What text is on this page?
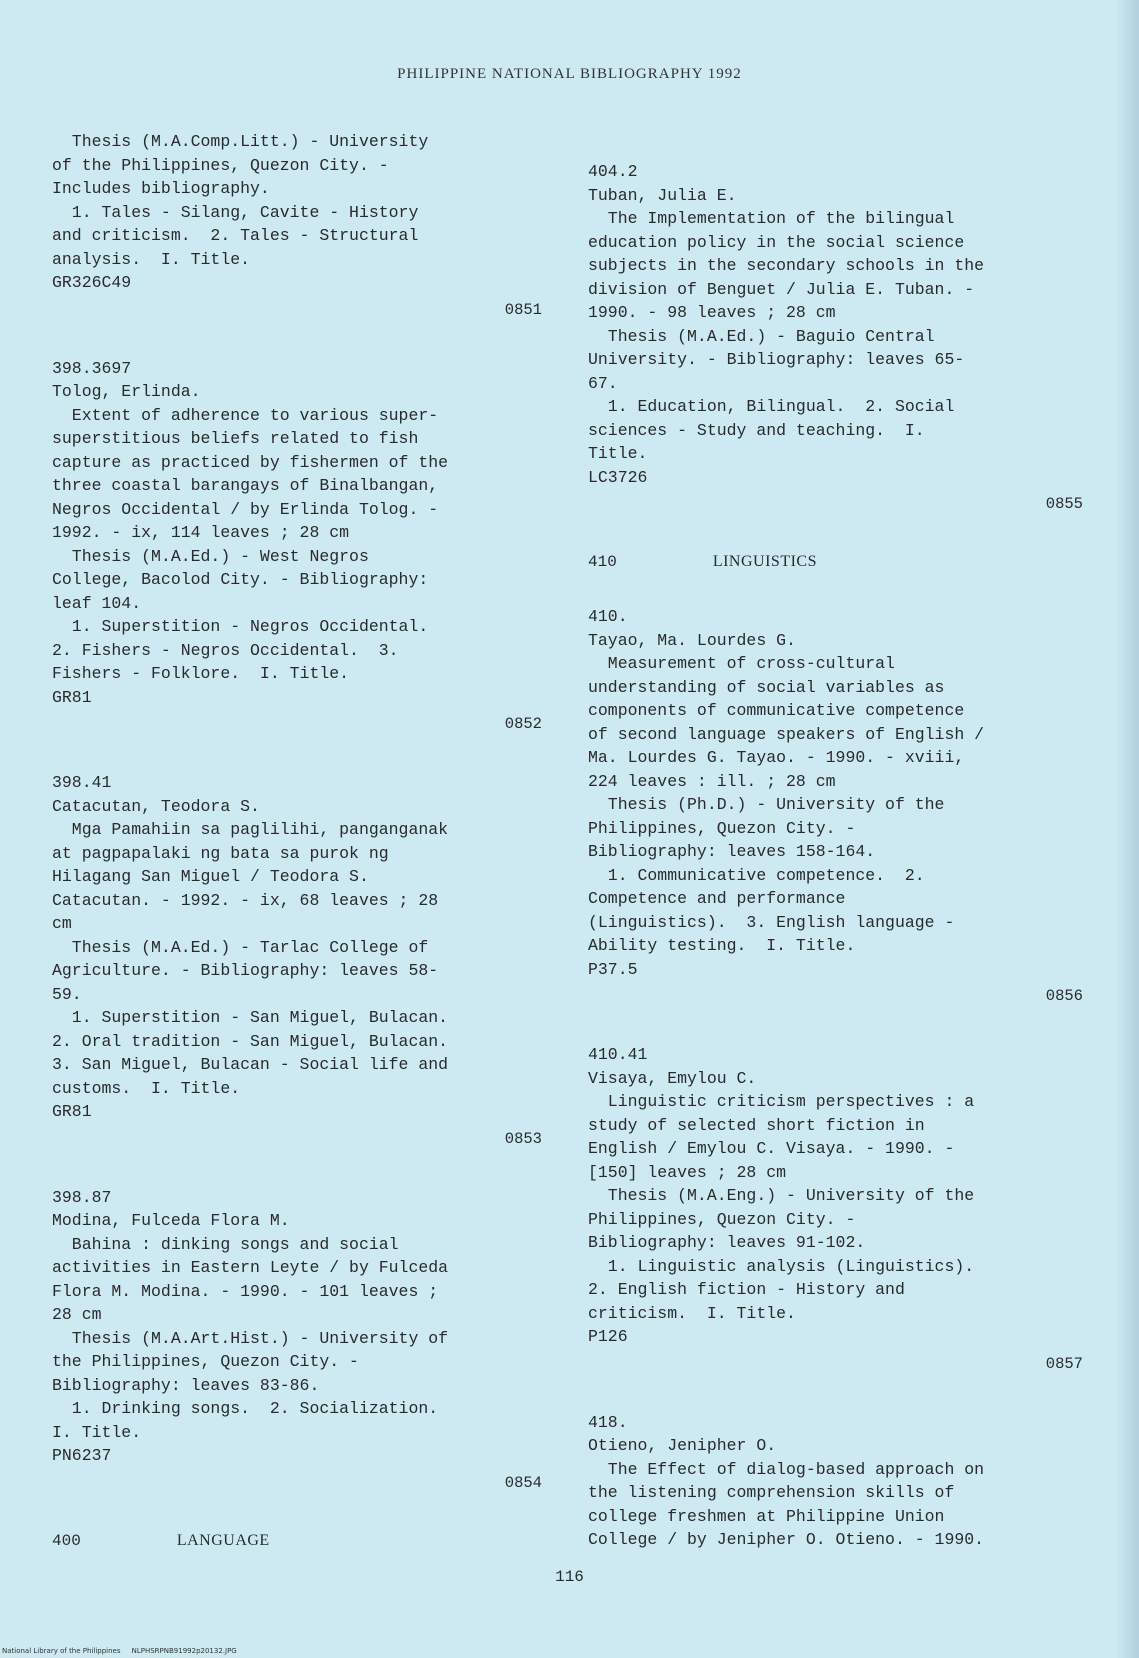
PHILIPPINE NATIONAL BIBLIOGRAPHY 1992
Thesis (M.A.Comp.Litt.) - University
of the Philippines, Quezon City. -
Includes bibliography.
1. Tales - Silang, Cavite - History
and criticism.  2. Tales - Structural
analysis.  I. Title.
GR326C49
0851
398.3697
Tolog, Erlinda.
Extent of adherence to various super-
superstitious beliefs related to fish
capture as practiced by fishermen of the
three coastal barangays of Binalbangan,
Negros Occidental / by Erlinda Tolog. -
1992. - ix, 114 leaves ; 28 cm
Thesis (M.A.Ed.) - West Negros
College, Bacolod City. - Bibliography:
leaf 104.
1. Superstition - Negros Occidental.
2. Fishers - Negros Occidental.  3.
Fishers - Folklore.  I. Title.
GR81
0852
398.41
Catacutan, Teodora S.
Mga Pamahiin sa paglilihi, panganganak
at pagpapalaki ng bata sa purok ng
Hilagang San Miguel / Teodora S.
Catacutan. - 1992. - ix, 68 leaves ; 28
cm
Thesis (M.A.Ed.) - Tarlac College of
Agriculture. - Bibliography: leaves 58-
59.
1. Superstition - San Miguel, Bulacan.
2. Oral tradition - San Miguel, Bulacan.
3. San Miguel, Bulacan - Social life and
customs.  I. Title.
GR81
0853
398.87
Modina, Fulceda Flora M.
Bahina : dinking songs and social
activities in Eastern Leyte / by Fulceda
Flora M. Modina. - 1990. - 101 leaves ;
28 cm
Thesis (M.A.Art.Hist.) - University of
the Philippines, Quezon City. -
Bibliography: leaves 83-86.
1. Drinking songs.  2. Socialization.
I. Title.
PN6237
0854
400	LANGUAGE
404.2
Tuban, Julia E.
The Implementation of the bilingual
education policy in the social science
subjects in the secondary schools in the
division of Benguet / Julia E. Tuban. -
1990. - 98 leaves ; 28 cm
Thesis (M.A.Ed.) - Baguio Central
University. - Bibliography: leaves 65-
67.
1. Education, Bilingual.  2. Social
sciences - Study and teaching.  I.
Title.
LC3726
0855
410	LINGUISTICS
410.
Tayao, Ma. Lourdes G.
Measurement of cross-cultural
understanding of social variables as
components of communicative competence
of second language speakers of English /
Ma. Lourdes G. Tayao. - 1990. - xviii,
224 leaves : ill. ; 28 cm
Thesis (Ph.D.) - University of the
Philippines, Quezon City. -
Bibliography: leaves 158-164.
1. Communicative competence.  2.
Competence and performance
(Linguistics).  3. English language -
Ability testing.  I. Title.
P37.5
0856
410.41
Visaya, Emylou C.
Linguistic criticism perspectives : a
study of selected short fiction in
English / Emylou C. Visaya. - 1990. -
[150] leaves ; 28 cm
Thesis (M.A.Eng.) - University of the
Philippines, Quezon City. -
Bibliography: leaves 91-102.
1. Linguistic analysis (Linguistics).
2. English fiction - History and
criticism.  I. Title.
P126
0857
418.
Otieno, Jenipher O.
The Effect of dialog-based approach on
the listening comprehension skills of
college freshmen at Philippine Union
College / by Jenipher O. Otieno. - 1990.
116
National Library of the Philippines     NLPHSRPNB91992p20132.JPG
